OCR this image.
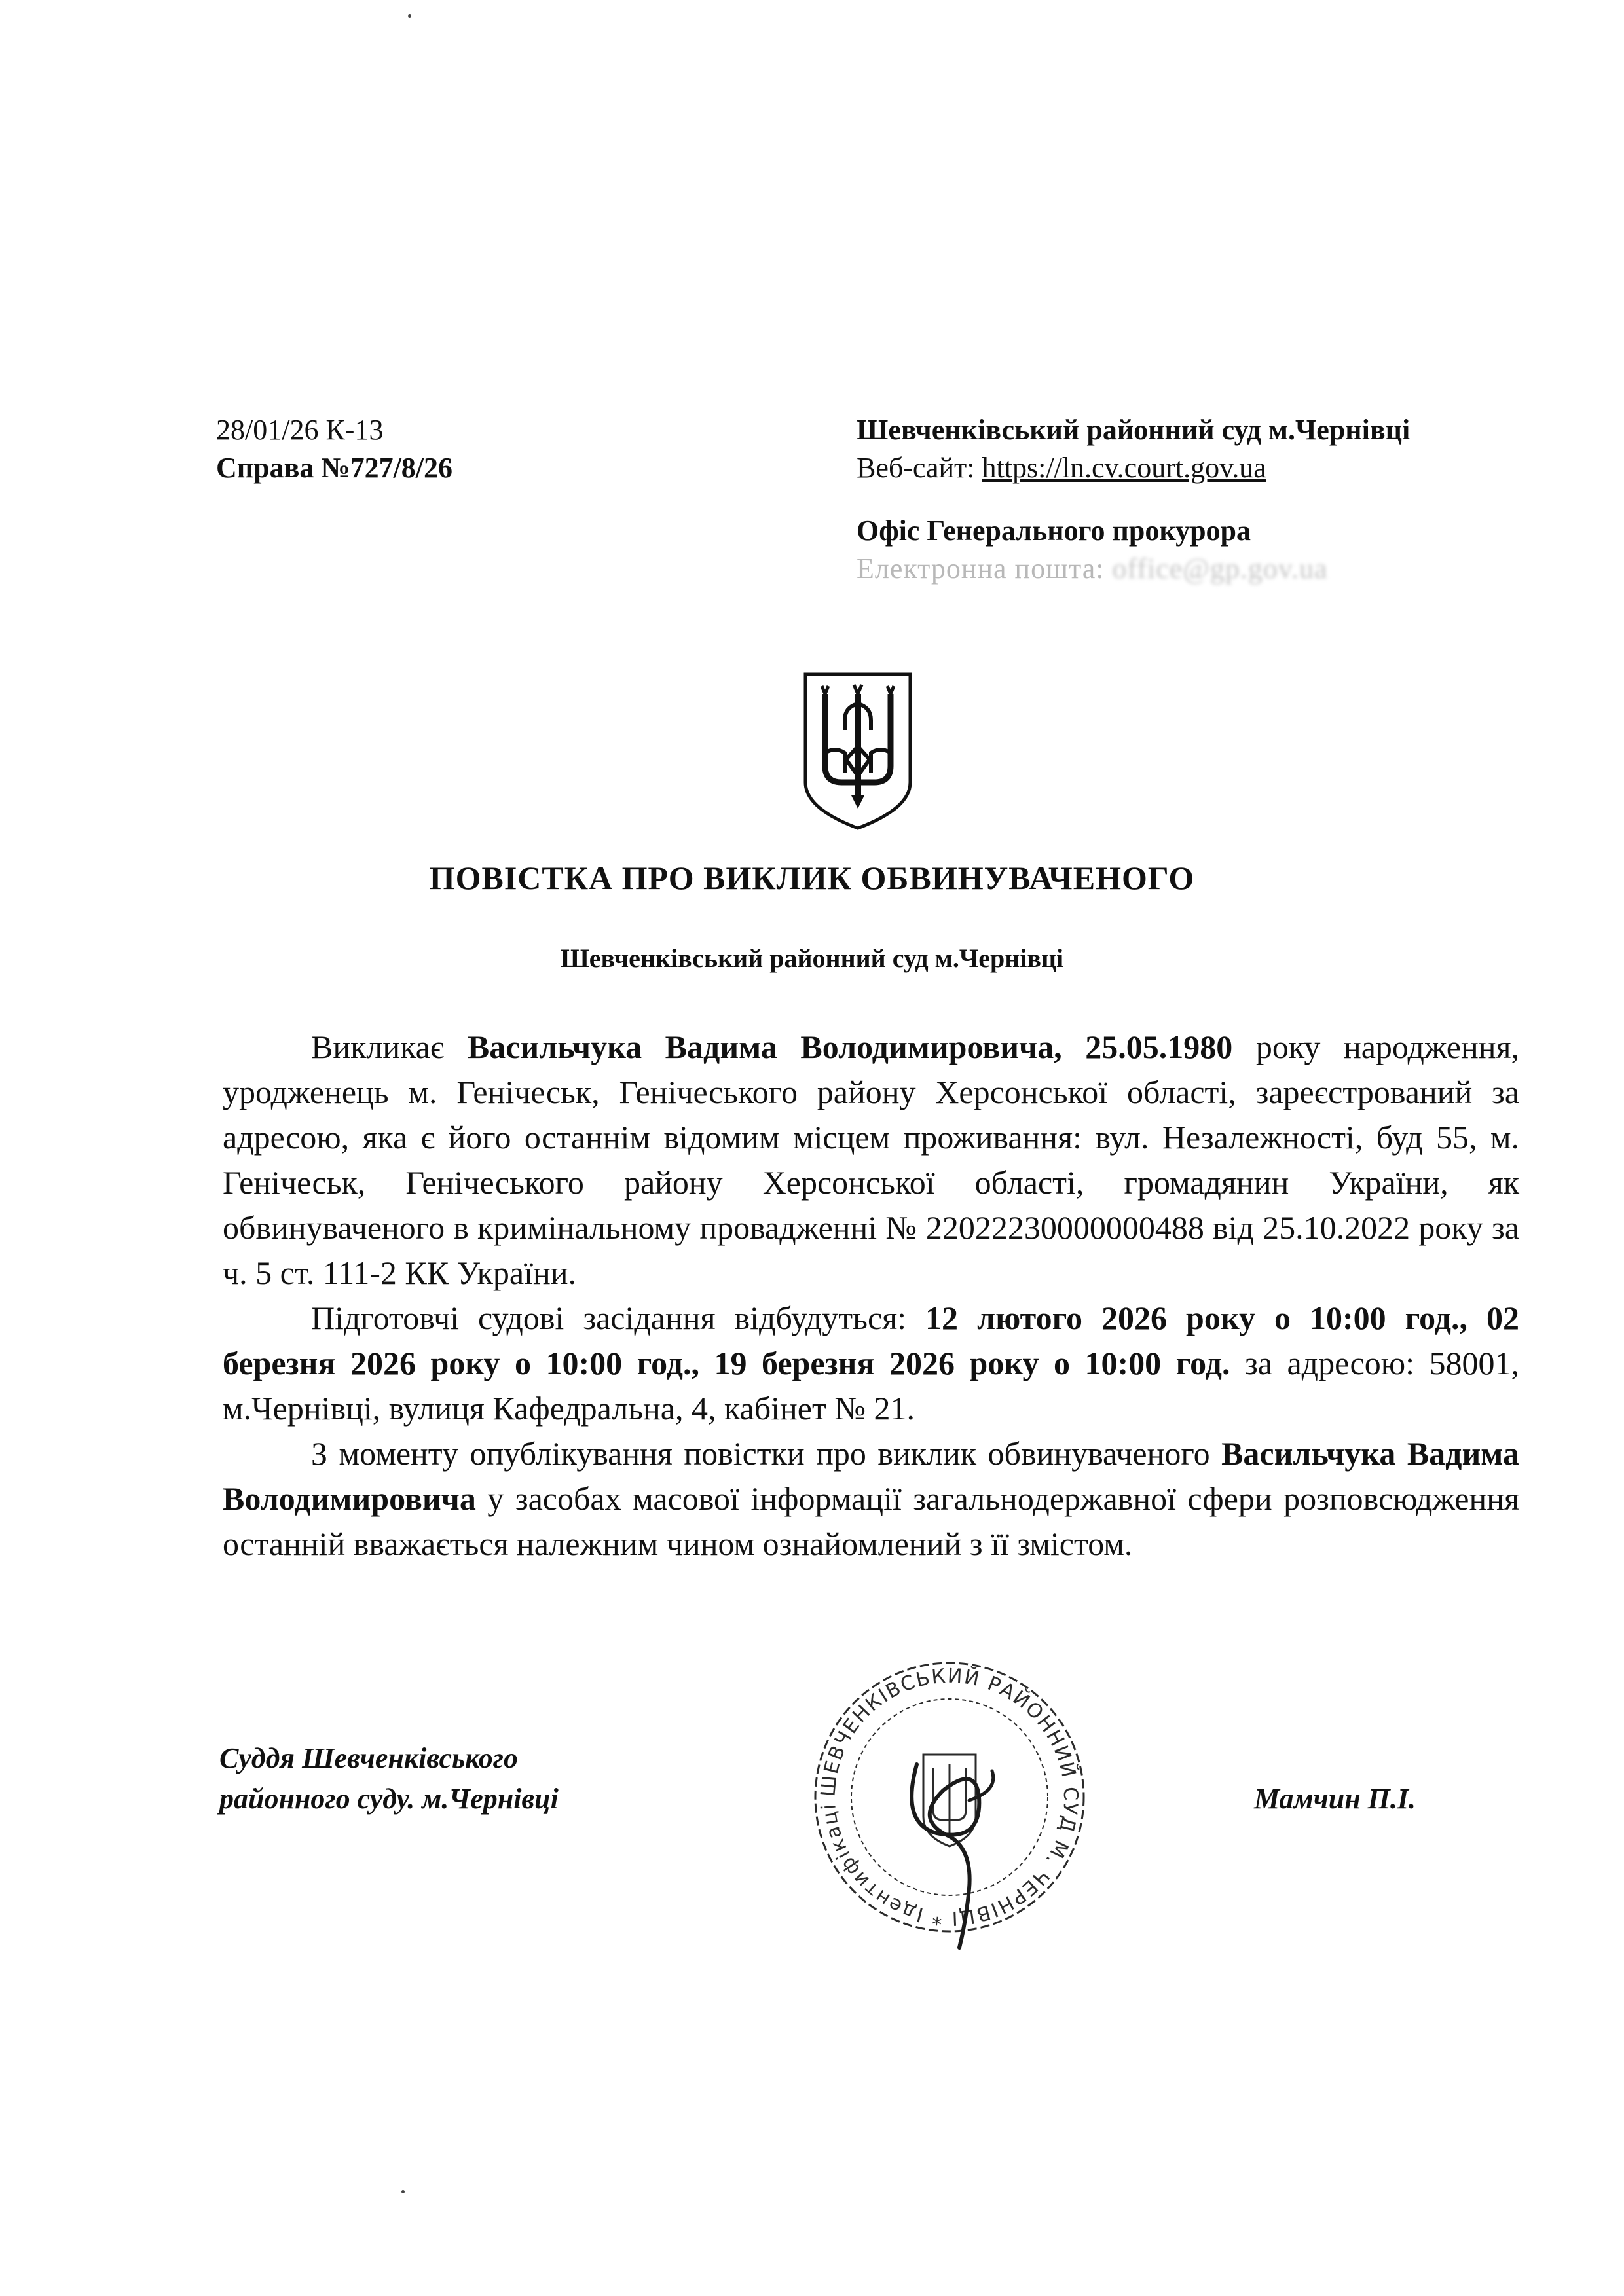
28/01/26 К-13
Справа №727/8/26
Шевченківський районний суд м.Чернівці
Веб-сайт: https://ln.cv.court.gov.ua
Офіс Генерального прокурора
Електронна пошта: office@gp.gov.ua
ПОВІСТКА ПРО ВИКЛИК ОБВИНУВАЧЕНОГО
Шевченківський районний суд м.Чернівці

Викликає Васильчука Вадима Володимировича, 25.05.1980 року народження, уродженець м. Генічеськ, Генічеського району Херсонської області, зареєстрований за адресою, яка є його останнім відомим місцем проживання: вул. Незалежності, буд 55, м. Генічеськ, Генічеського району Херсонської області, громадянин України, як обвинуваченого в кримінальному провадженні № 22022230000000488 від 25.10.2022 року за ч. 5 ст. 111-2 КК України.

Підготовчі судові засідання відбудуться: 12 лютого 2026 року о 10:00 год., 02 березня 2026 року о 10:00 год., 19 березня 2026 року о 10:00 год. за адресою: 58001, м.Чернівці, вулиця Кафедральна, 4, кабінет № 21.

З моменту опублікування повістки про виклик обвинуваченого Васильчука Вадима Володимировича у засобах масової інформації загальнодержавної сфери розповсюдження останній вважається належним чином ознайомлений з її змістом.

Суддя Шевченківського
районного суду. м.Чернівці	Мамчин П.І.
ШЕВЧЕНКІВСЬКИЙ РАЙОННИЙ СУД М. ЧЕРНІВЦІ * Ідентифікаці
